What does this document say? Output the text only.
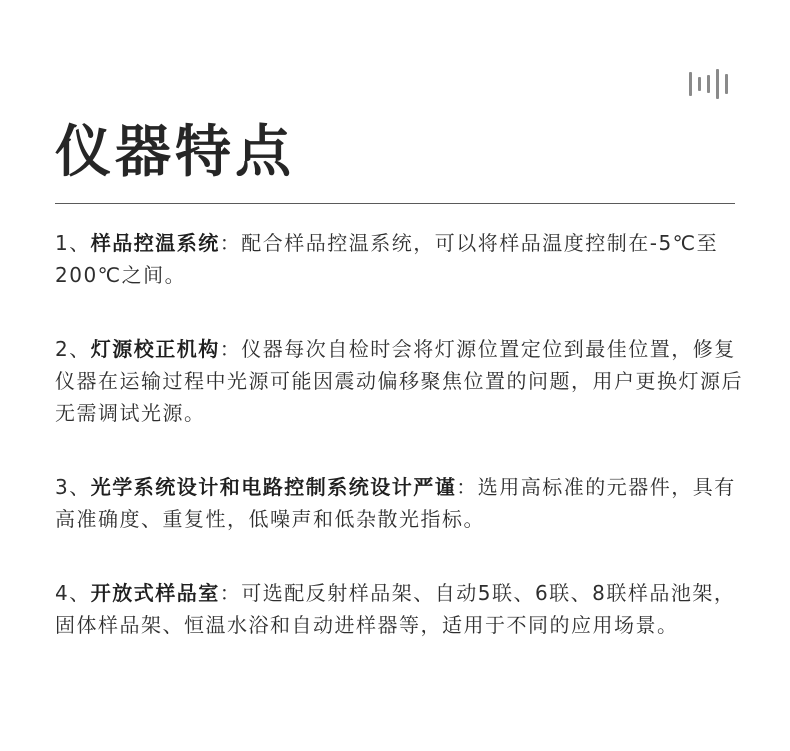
仪器特点

1、样品控温系统：配合样品控温系统，可以将样品温度控制在-5℃至200℃之间。

2、灯源校正机构：仪器每次自检时会将灯源位置定位到最佳位置，修复仪器在运输过程中光源可能因震动偏移聚焦位置的问题，用户更换灯源后无需调试光源。

3、光学系统设计和电路控制系统设计严谨：选用高标准的元器件，具有高准确度、重复性，低噪声和低杂散光指标。

4、开放式样品室：可选配反射样品架、自动5联、6联、8联样品池架，固体样品架、恒温水浴和自动进样器等，适用于不同的应用场景。
